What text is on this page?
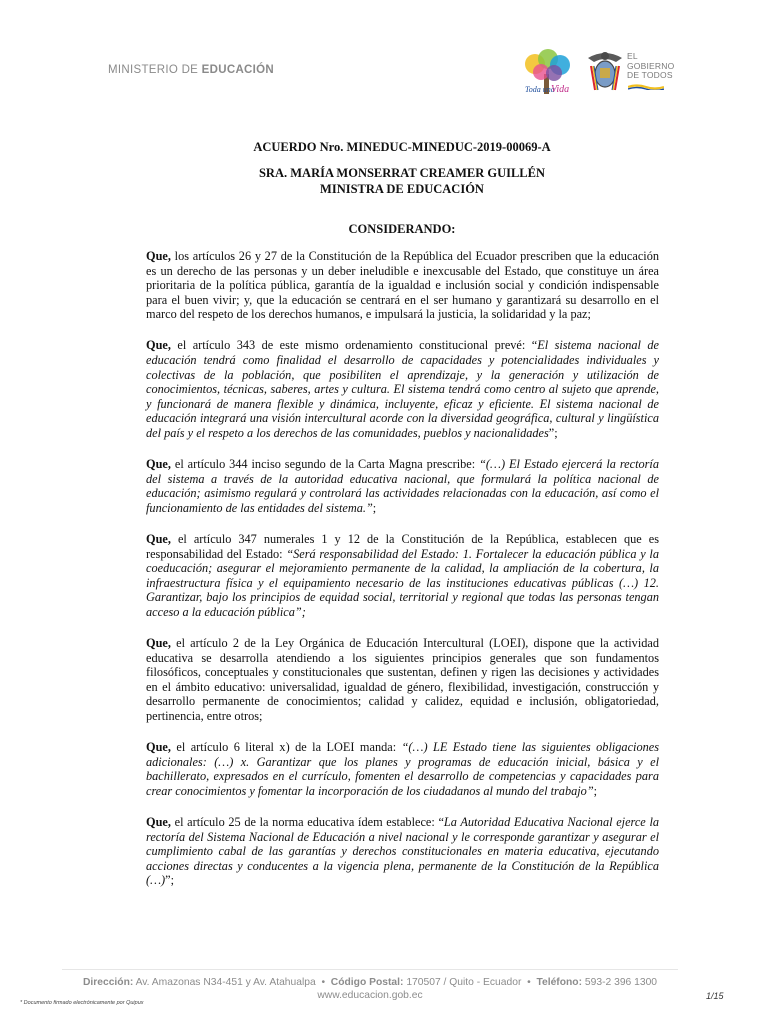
MINISTERIO DE EDUCACIÓN
Toda una
Vida
EL GOBIERNO DE TODOS
ACUERDO Nro. MINEDUC-MINEDUC-2019-00069-A
SRA. MARÍA MONSERRAT CREAMER GUILLÉN
MINISTRA DE EDUCACIÓN
CONSIDERANDO:

Que, los artículos 26 y 27 de la Constitución de la República del Ecuador prescriben que la educación es un derecho de las personas y un deber ineludible e inexcusable del Estado, que constituye un área prioritaria de la política pública, garantía de la igualdad e inclusión social y condición indispensable para el buen vivir; y, que la educación se centrará en el ser humano y garantizará su desarrollo en el marco del respeto de los derechos humanos, e impulsará la justicia, la solidaridad y la paz;

Que, el artículo 343 de este mismo ordenamiento constitucional prevé: “El sistema nacional de educación tendrá como finalidad el desarrollo de capacidades y potencialidades individuales y colectivas de la población, que posibiliten el aprendizaje, y la generación y utilización de conocimientos, técnicas, saberes, artes y cultura. El sistema tendrá como centro al sujeto que aprende, y funcionará de manera flexible y dinámica, incluyente, eficaz y eficiente. El sistema nacional de educación integrará una visión intercultural acorde con la diversidad geográfica, cultural y lingüística del país y el respeto a los derechos de las comunidades, pueblos y nacionalidades”;

Que, el artículo 344 inciso segundo de la Carta Magna prescribe: “(…) El Estado ejercerá la rectoría del sistema a través de la autoridad educativa nacional, que formulará la política nacional de educación; asimismo regulará y controlará las actividades relacionadas con la educación, así como el funcionamiento de las entidades del sistema.”;

Que, el artículo 347 numerales 1 y 12 de la Constitución de la República, establecen que es responsabilidad del Estado: “Será responsabilidad del Estado: 1. Fortalecer la educación pública y la coeducación; asegurar el mejoramiento permanente de la calidad, la ampliación de la cobertura, la infraestructura física y el equipamiento necesario de las instituciones educativas públicas (…) 12. Garantizar, bajo los principios de equidad social, territorial y regional que todas las personas tengan acceso a la educación pública”;

Que, el artículo 2 de la Ley Orgánica de Educación Intercultural (LOEI), dispone que la actividad educativa se desarrolla atendiendo a los siguientes principios generales que son fundamentos filosóficos, conceptuales y constitucionales que sustentan, definen y rigen las decisiones y actividades en el ámbito educativo: universalidad, igualdad de género, flexibilidad, investigación, construcción y desarrollo permanente de conocimientos; calidad y calidez, equidad e inclusión, obligatoriedad, pertinencia, entre otros;

Que, el artículo 6 literal x) de la LOEI manda: “(…) LE Estado tiene las siguientes obligaciones adicionales: (…) x. Garantizar que los planes y programas de educación inicial, básica y el bachillerato, expresados en el currículo, fomenten el desarrollo de competencias y capacidades para crear conocimientos y fomentar la incorporación de los ciudadanos al mundo del trabajo”;

Que, el artículo 25 de la norma educativa ídem establece: “La Autoridad Educativa Nacional ejerce la rectoría del Sistema Nacional de Educación a nivel nacional y le corresponde garantizar y asegurar el cumplimiento cabal de las garantías y derechos constitucionales en materia educativa, ejecutando acciones directas y conducentes a la vigencia plena, permanente de la Constitución de la República (…)”;

Dirección: Av. Amazonas N34-451 y Av. Atahualpa • Código Postal: 170507 / Quito - Ecuador • Teléfono: 593-2 396 1300
www.educacion.gob.ec
* Documento firmado electrónicamente por Quipux
1/15
